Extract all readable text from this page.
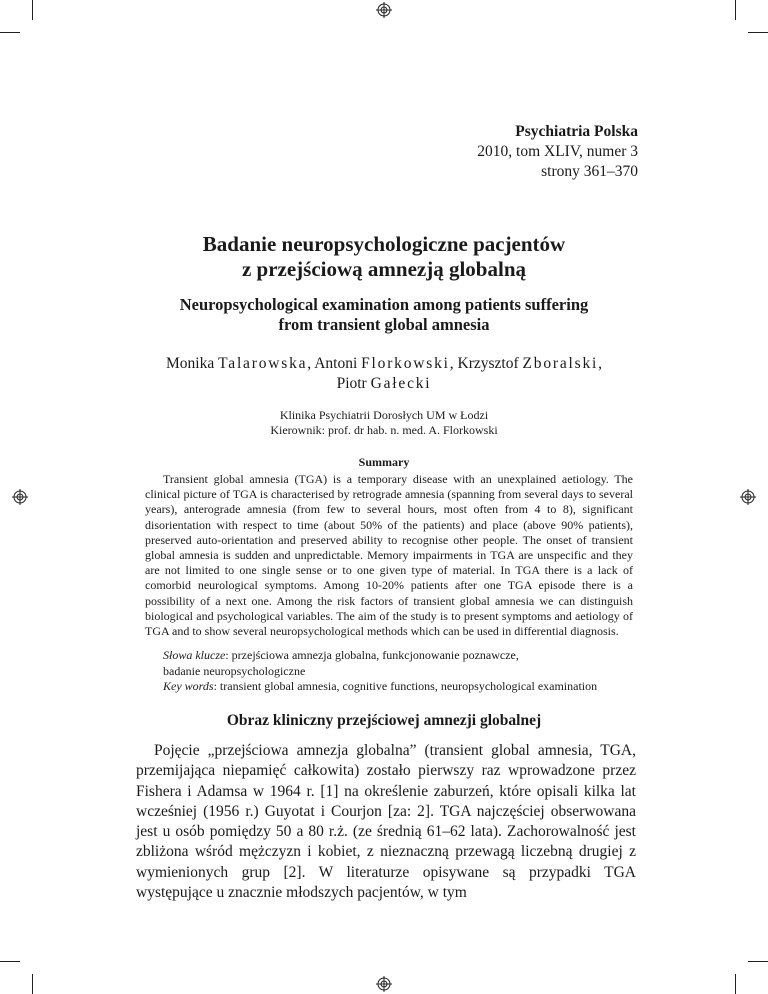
Psychiatria Polska
2010, tom XLIV, numer 3
strony 361–370
Badanie neuropsychologiczne pacjentów
z przejściową amnezją globalną
Neuropsychological examination among patients suffering
from transient global amnesia
Monika Talarowska, Antoni Florkowski, Krzysztof Zboralski,
Piotr Gałecki
Klinika Psychiatrii Dorosłych UM w Łodzi
Kierownik: prof. dr hab. n. med. A. Florkowski
Summary
Transient global amnesia (TGA) is a temporary disease with an unexplained aetiology. The clinical picture of TGA is characterised by retrograde amnesia (spanning from several days to several years), anterograde amnesia (from few to several hours, most often from 4 to 8), significant disorientation with respect to time (about 50% of the patients) and place (above 90% patients), preserved auto-orientation and preserved ability to recognise other people. The onset of transient global amnesia is sudden and unpredictable. Memory impairments in TGA are unspecific and they are not limited to one single sense or to one given type of material. In TGA there is a lack of comorbid neurological symptoms. Among 10-20% patients after one TGA episode there is a possibility of a next one. Among the risk factors of transient global amnesia we can distinguish biological and psychological variables. The aim of the study is to present symptoms and aetiology of TGA and to show several neuropsychological methods which can be used in differential diagnosis.
Słowa kluczе: przejściowa amnezja globalna, funkcjonowanie poznawcze,
badanie neuropsychologiczne
Key words: transient global amnesia, cognitive functions, neuropsychological examination
Obraz kliniczny przejściowej amnezji globalnej

Pojęcie „przejściowa amnezja globalna” (transient global amnesia, TGA, przemijająca niepamięć całkowita) zostało pierwszy raz wprowadzone przez Fishera i Adamsa w 1964 r. [1] na określenie zaburzeń, które opisali kilka lat wcześniej (1956 r.) Guyotat i Courjon [za: 2]. TGA najczęściej obserwowana jest u osób pomiędzy 50 a 80 r.ż. (ze średnią 61–62 lata). Zachorowalność jest zbliżona wśród mężczyzn i kobiet, z nieznaczną przewagą liczebną drugiej z wymienionych grup [2]. W literaturze opisywane są przypadki TGA występujące u znacznie młodszych pacjentów, w tym
